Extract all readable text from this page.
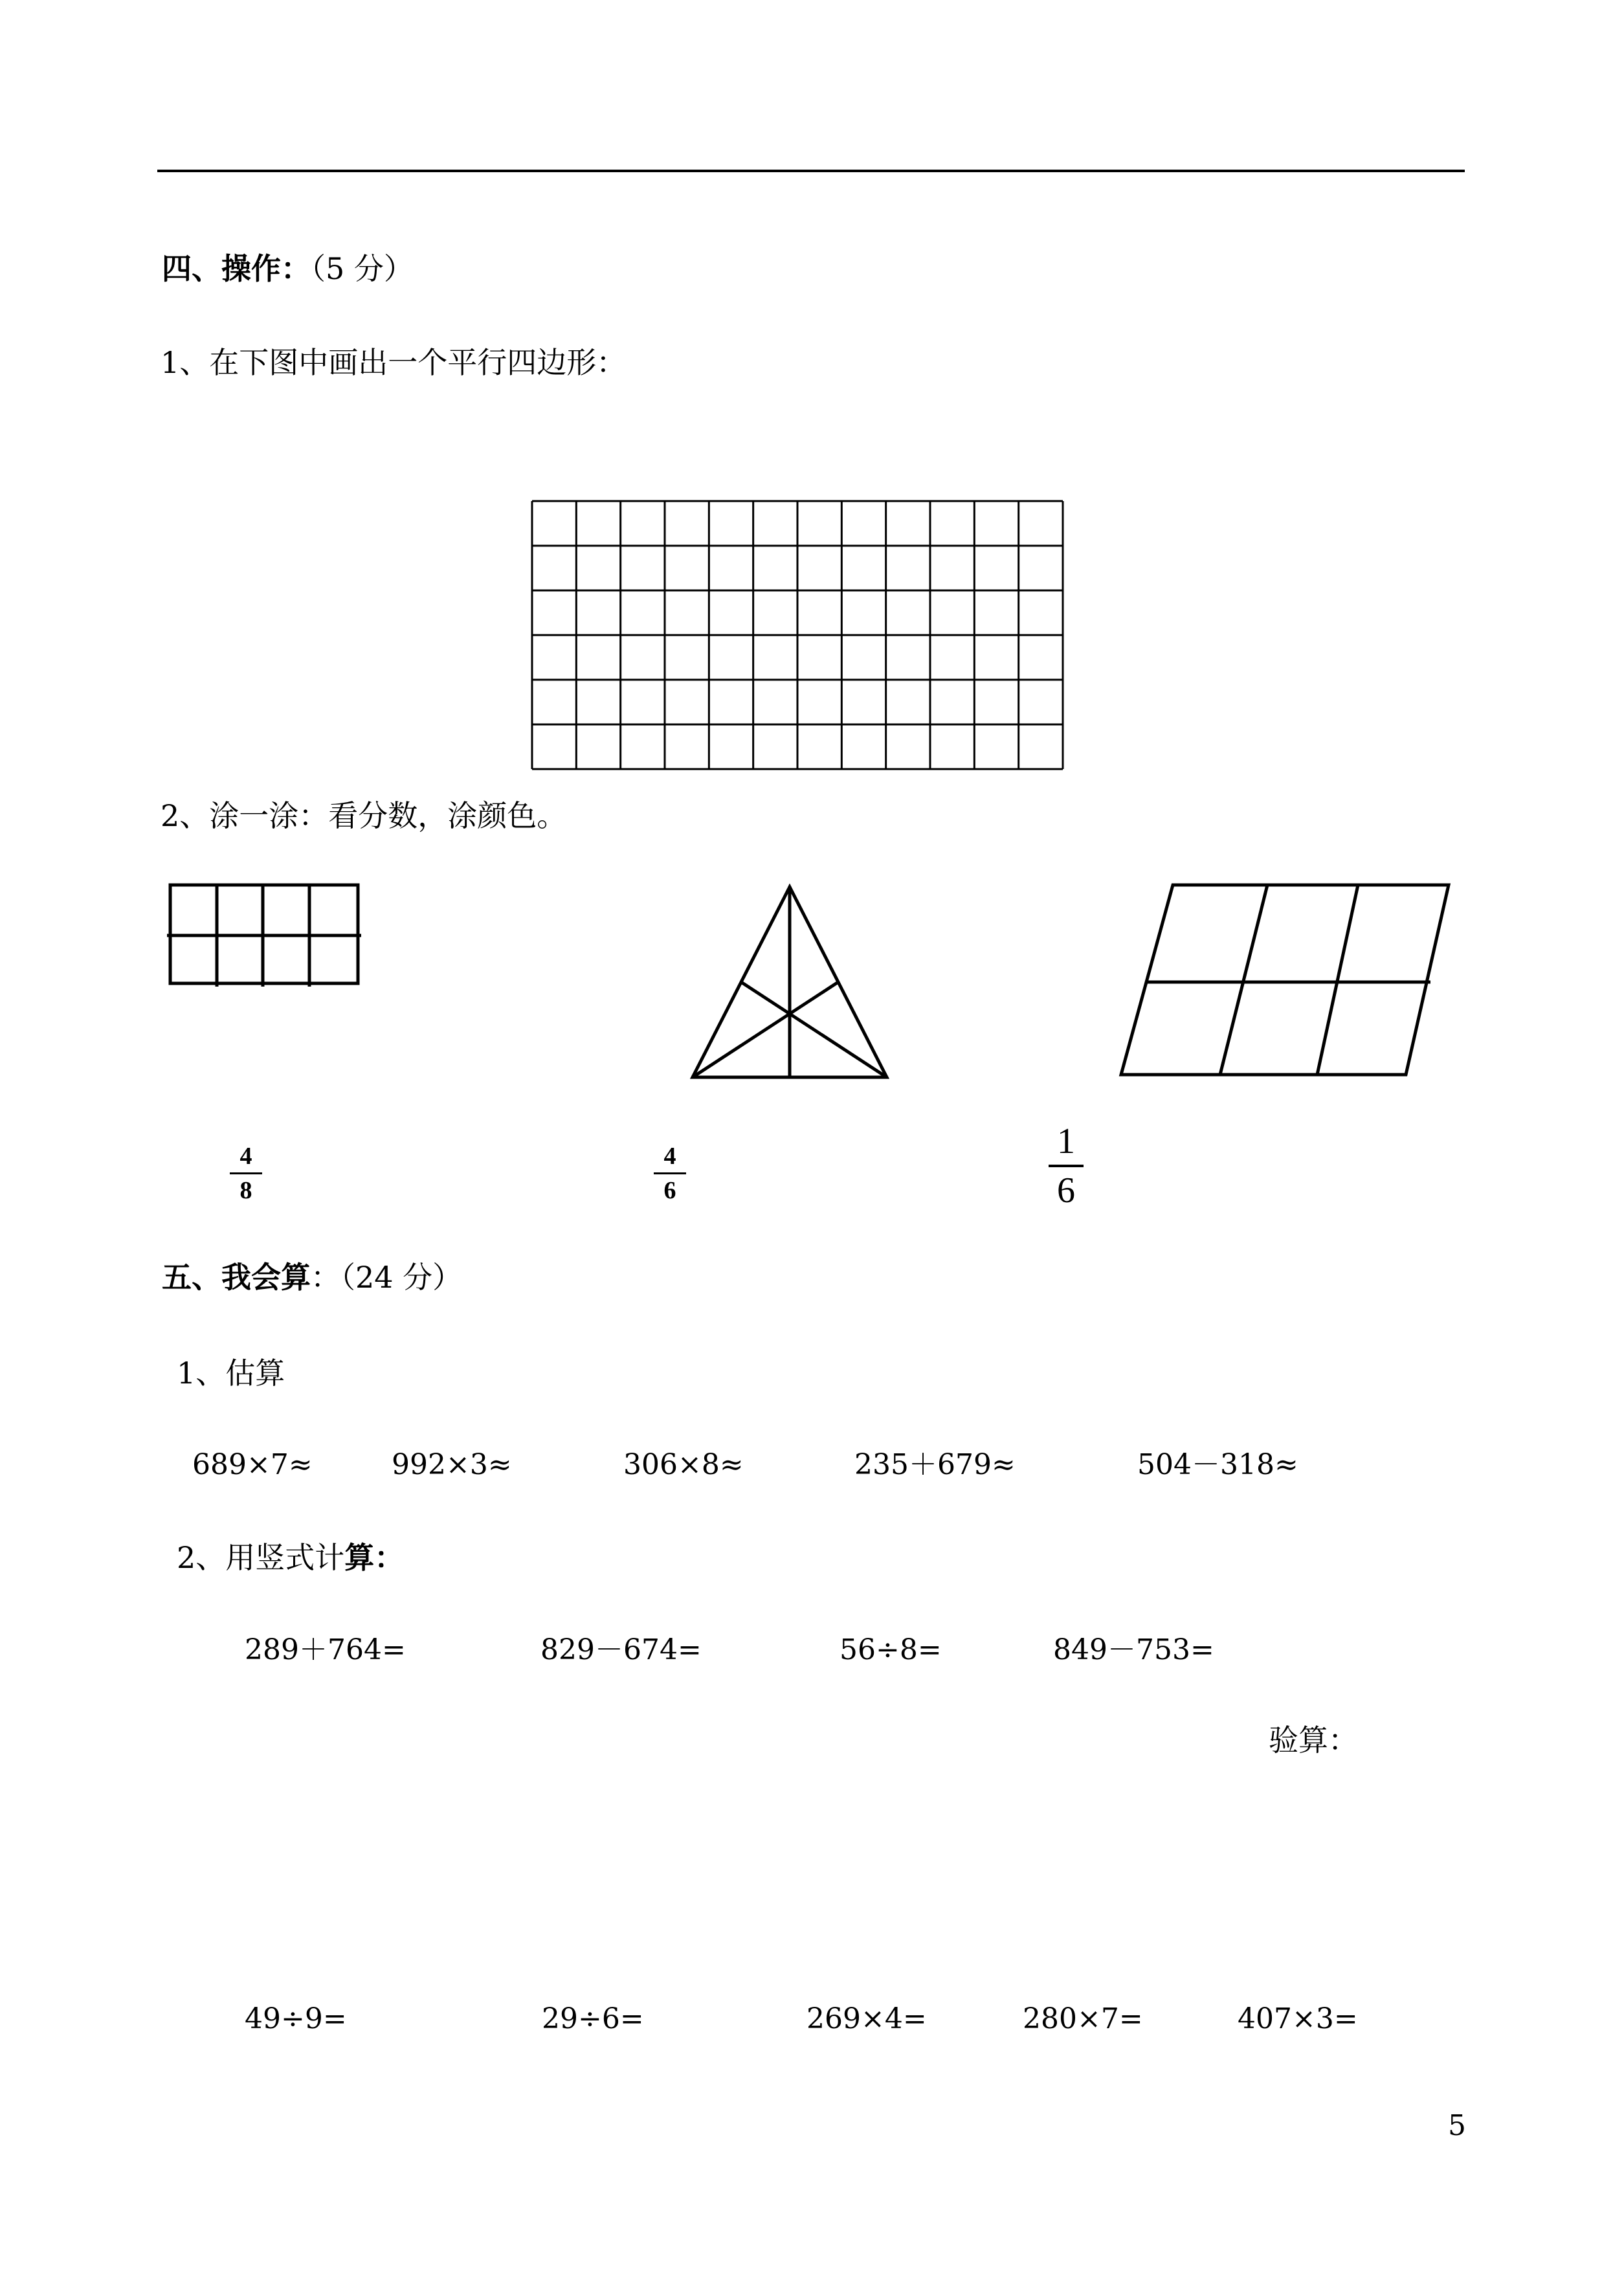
四、操作：（5 分）
1、在下图中画出一个平行四边形：
2、涂一涂：看分数，涂颜色。
4
8
4
6
1
6
五、我会算：（24 分）
1、估算
689×7≈	992×3≈	306×8≈	235＋679≈	504－318≈
2、用竖式计算：
289＋764=	829－674=	56÷8=	849－753=
验算：
49÷9=	29÷6=	269×4=	280×7=	407×3=
5
